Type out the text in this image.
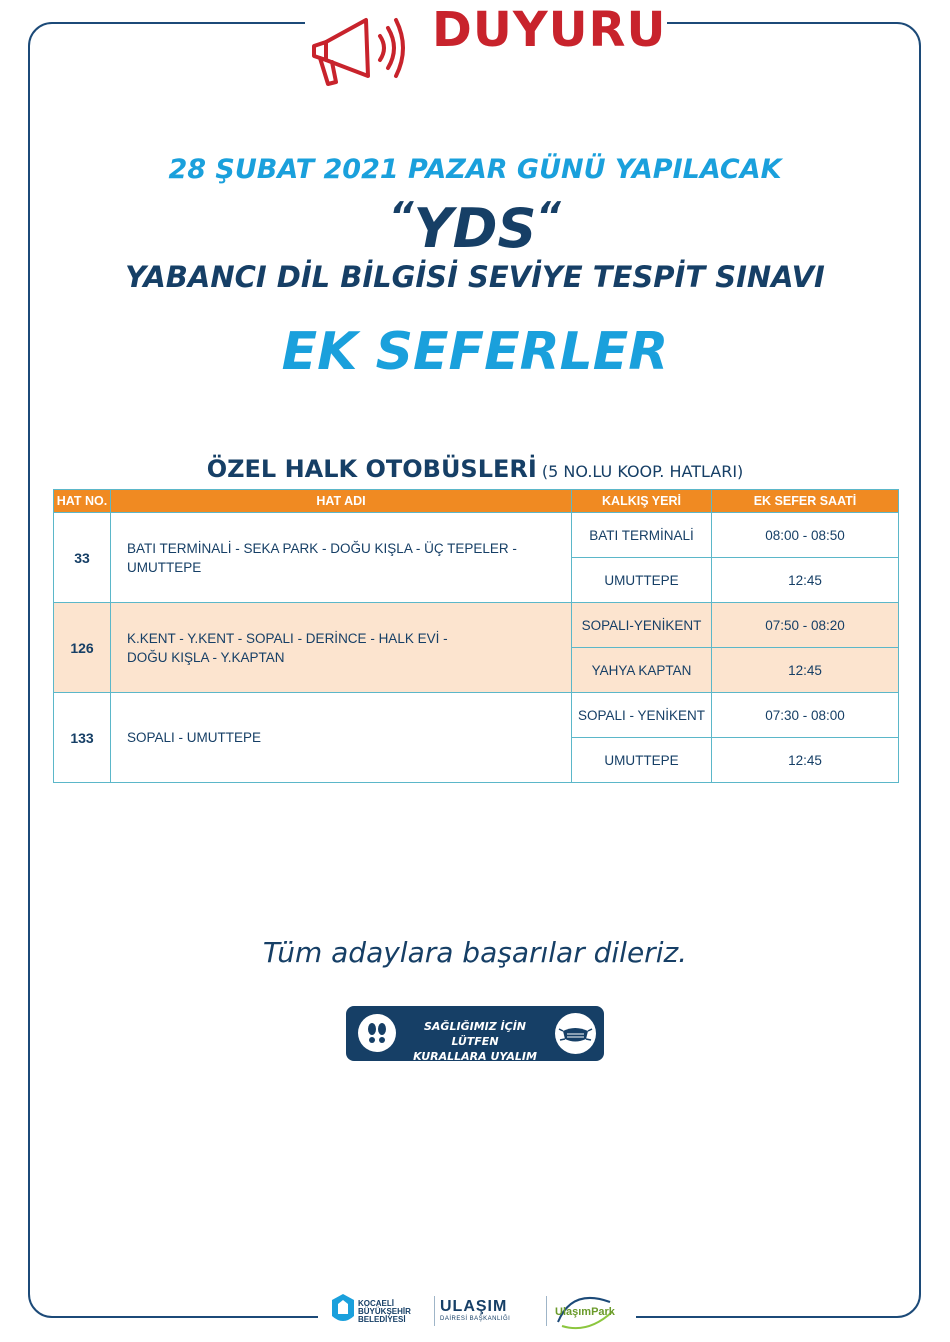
DUYURU
28 ŞUBAT 2021 PAZAR GÜNÜ YAPILACAK
“YDS“
YABANCI DİL BİLGİSİ SEVİYE TESPİT SINAVI
EK SEFERLER
ÖZEL HALK OTOBÜSLERİ (5 NO.LU KOOP. HATLARI)
HAT NO.	HAT ADI	KALKIŞ YERİ	EK SEFER SAATİ
33	BATI TERMİNALİ - SEKA PARK - DOĞU KIŞLA - ÜÇ TEPELER - UMUTTEPE	BATI TERMİNALİ	08:00 - 08:50
		UMUTTEPE	12:45
126	K.KENT - Y.KENT - SOPALI - DERİNCE - HALK EVİ -
DOĞU KIŞLA - Y.KAPTAN	SOPALI-YENİKENT	07:50 - 08:20
		YAHYA KAPTAN	12:45
133	SOPALI - UMUTTEPE	SOPALI - YENİKENT	07:30 - 08:00
		UMUTTEPE	12:45
Tüm adaylara başarılar dileriz.
SAĞLIĞIMIZ İÇİN LÜTFEN
KURALLARA UYALIM
KOCAELİ
BÜYÜKŞEHİR
BELEDİYESİ
ULAŞIM
DAİRESİ BAŞKANLIĞI
UlaşımPark
